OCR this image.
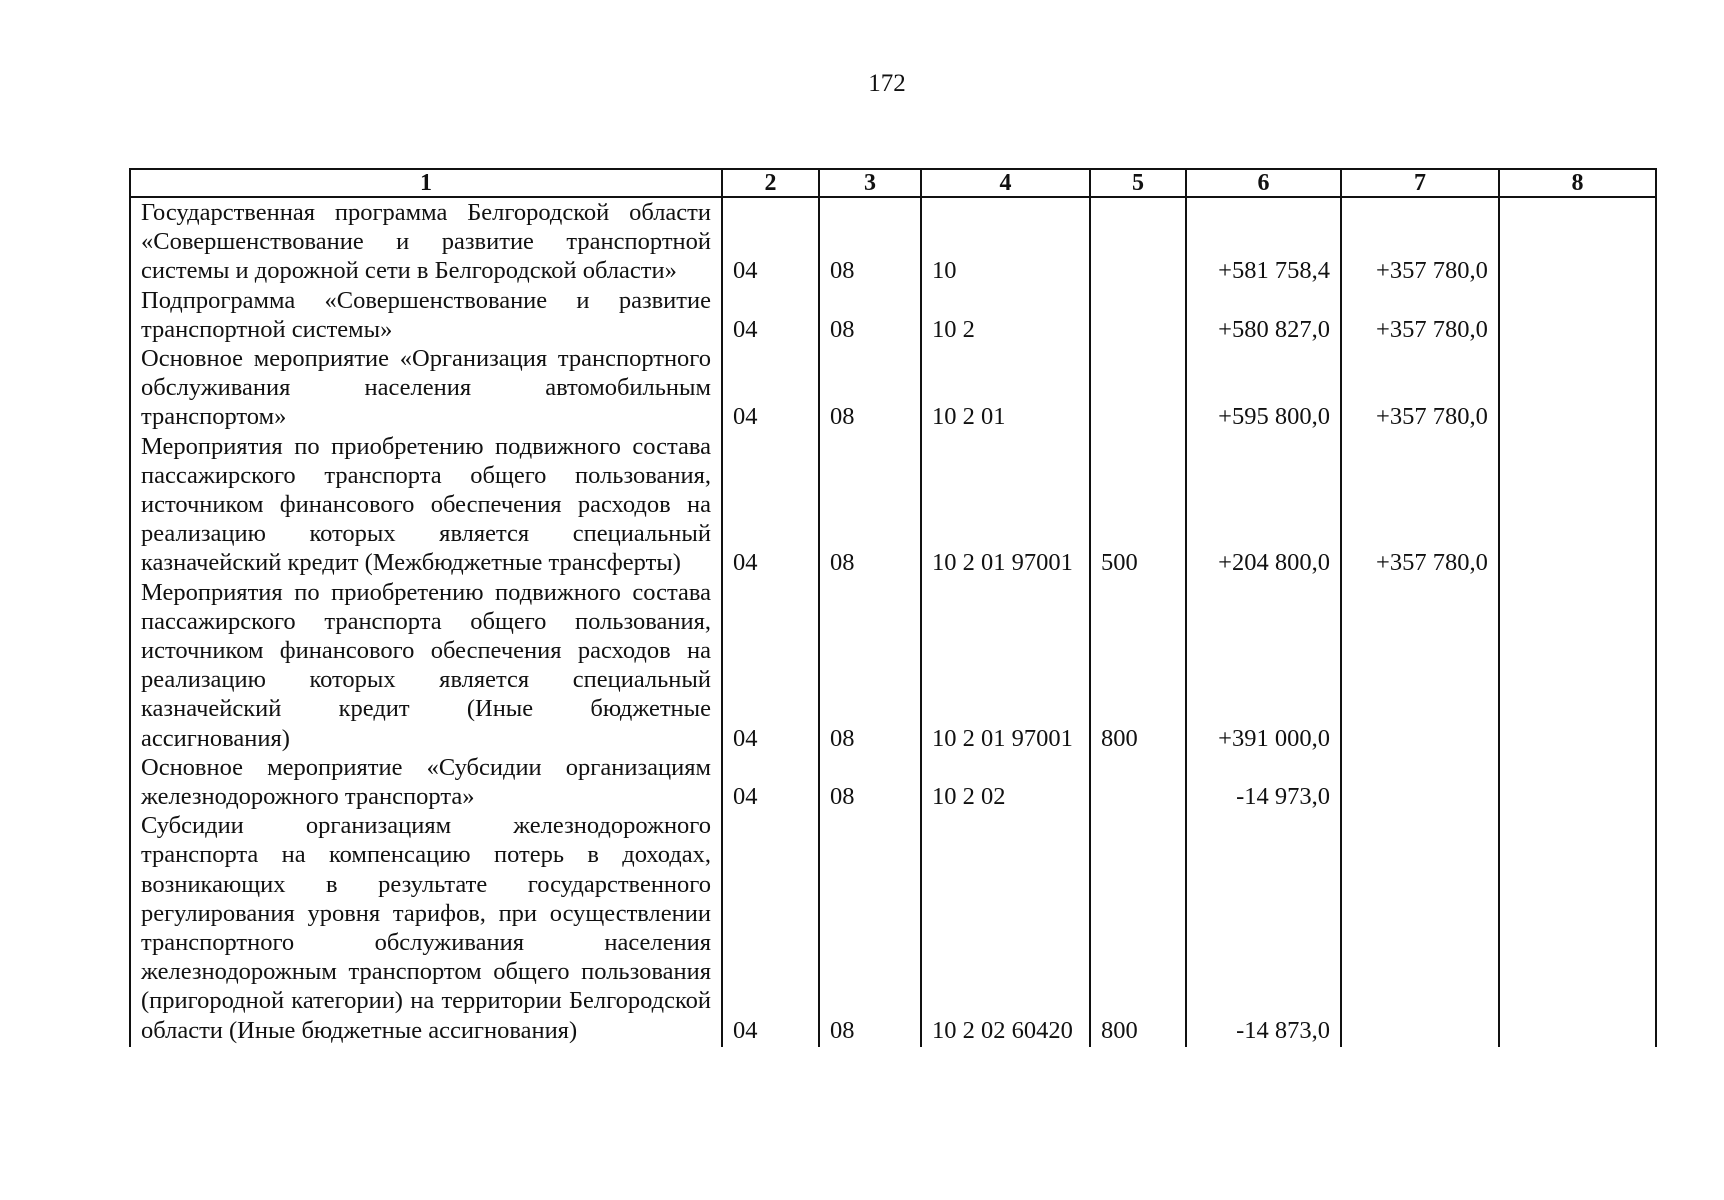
172
1	2	3	4	5	6	7	8
Государственная программа Белгородской области «Совершенствование и развитие транспортной системы и дорожной сети в Белгородской области»	04	08	10		+581 758,4	+357 780,0	
Подпрограмма «Совершенствование и развитие транспортной системы»	04	08	10 2		+580 827,0	+357 780,0	
Основное мероприятие «Организация транспортного обслуживания населения автомобильным транспортом»	04	08	10 2 01		+595 800,0	+357 780,0	
Мероприятия по приобретению подвижного состава пассажирского транспорта общего пользования, источником финансового обеспечения расходов на реализацию которых является специальный казначейский кредит (Межбюджетные трансферты)	04	08	10 2 01 97001	500	+204 800,0	+357 780,0	
Мероприятия по приобретению подвижного состава пассажирского транспорта общего пользования, источником финансового обеспечения расходов на реализацию которых является специальный казначейский кредит (Иные бюджетные ассигнования)	04	08	10 2 01 97001	800	+391 000,0		
Основное мероприятие «Субсидии организациям железнодорожного транспорта»	04	08	10 2 02		-14 973,0		
Субсидии организациям железнодорожного транспорта на компенсацию потерь в доходах, возникающих в результате государственного регулирования уровня тарифов, при осуществлении транспортного обслуживания населения железнодорожным транспортом общего пользования (пригородной категории) на территории Белгородской области (Иные бюджетные ассигнования)	04	08	10 2 02 60420	800	-14 873,0		
